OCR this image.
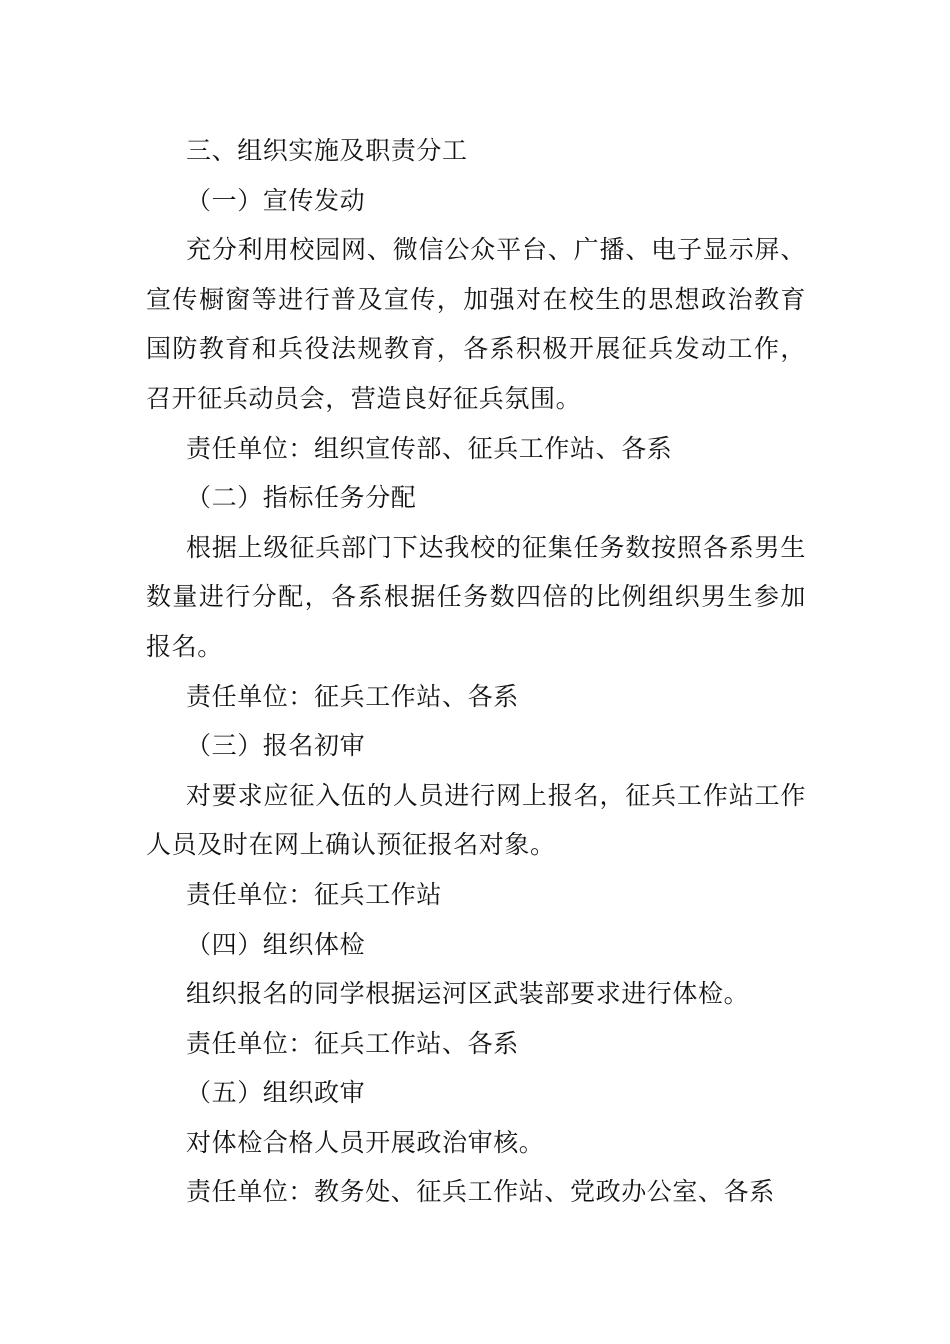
三、组织实施及职责分工

（一）宣传发动

充分利用校园网、微信公众平台、广播、电子显示屏、宣传橱窗等进行普及宣传，加强对在校生的思想政治教育国防教育和兵役法规教育，各系积极开展征兵发动工作，召开征兵动员会，营造良好征兵氛围。

责任单位：组织宣传部、征兵工作站、各系

（二）指标任务分配

根据上级征兵部门下达我校的征集任务数按照各系男生数量进行分配，各系根据任务数四倍的比例组织男生参加报名。

责任单位：征兵工作站、各系

（三）报名初审

对要求应征入伍的人员进行网上报名，征兵工作站工作人员及时在网上确认预征报名对象。

责任单位：征兵工作站

（四）组织体检

组织报名的同学根据运河区武装部要求进行体检。

责任单位：征兵工作站、各系

（五）组织政审

对体检合格人员开展政治审核。

责任单位：教务处、征兵工作站、党政办公室、各系
